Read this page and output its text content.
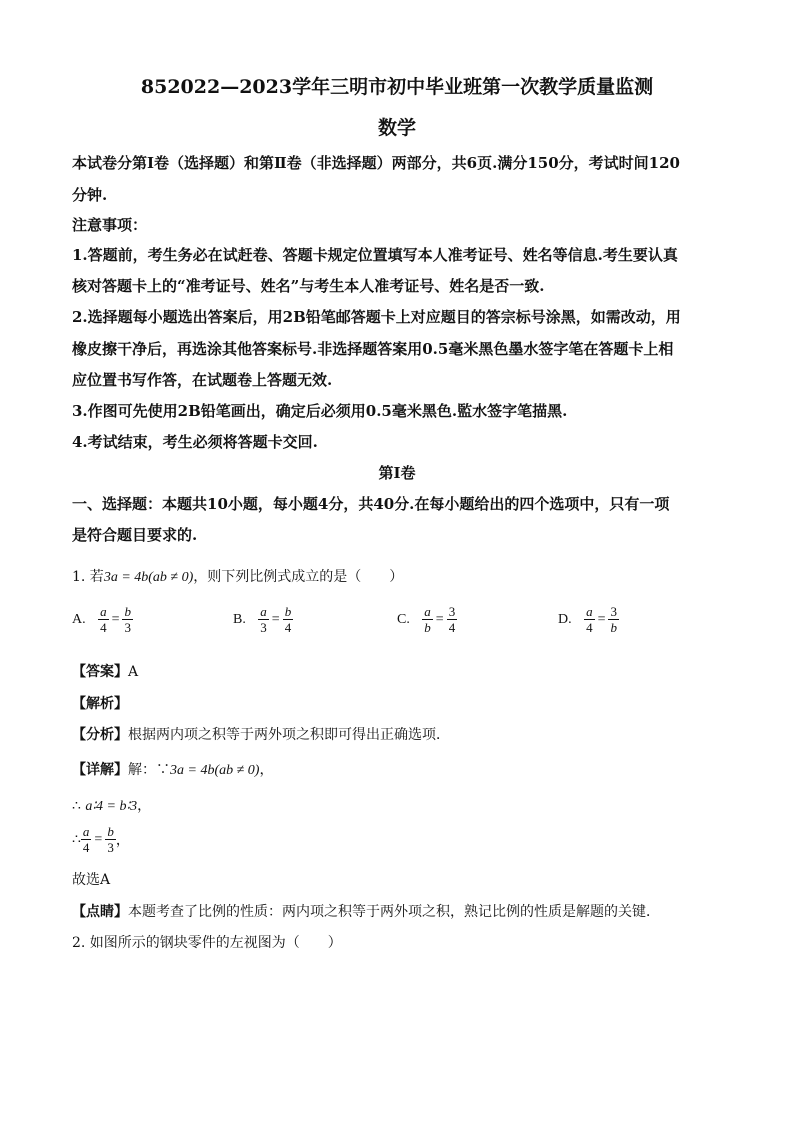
852022—2023学年三明市初中毕业班第一次教学质量监测
数学
本试卷分第Ⅰ卷（选择题）和第Ⅱ卷（非选择题）两部分，共6页.满分150分，考试时间120
分钟.
注意事项：
1.答题前，考生务必在试赶卷、答题卡规定位置填写本人准考证号、姓名等信息.考生要认真
核对答题卡上的“准考证号、姓名”与考生本人准考证号、姓名是否一致.
2.选择题每小题选出答案后，用2B铅笔邮答题卡上对应题目的答宗标号涂黑，如需改动，用
橡皮擦干净后，再选涂其他答案标号.非选择题答案用0.5毫米黑色墨水签字笔在答题卡上相
应位置书写作答，在试题卷上答题无效.
3.作图可先使用2B铅笔画出，确定后必须用0.5毫米黑色.監水签字笔描黑.
4.考试结束，考生必须将答题卡交回.
第Ⅰ卷
一、选择题：本题共10小题，每小题4分，共40分.在每小题给出的四个选项中，只有一项
是符合题目要求的.
1. 若3a = 4b(ab ≠ 0)，则下列比例式成立的是（　　）
A. $\frac{a}{4} = \frac{b}{3}$	B. $\frac{a}{3} = \frac{b}{4}$	C. $\frac{a}{b} = \frac{3}{4}$	D. $\frac{a}{4} = \frac{3}{b}$
【答案】A
【解析】
【分析】根据两内项之积等于两外项之积即可得出正确选项．
【详解】解：∵3a = 4b(ab ≠ 0)，
∴ a∶4 = b∶3，
∴ $\frac{a}{4} = \frac{b}{3}$ ，
故选A
【点睛】本题考查了比例的性质：两内项之积等于两外项之积，熟记比例的性质是解题的关键．
2. 如图所示的钢块零件的左视图为（　　）
